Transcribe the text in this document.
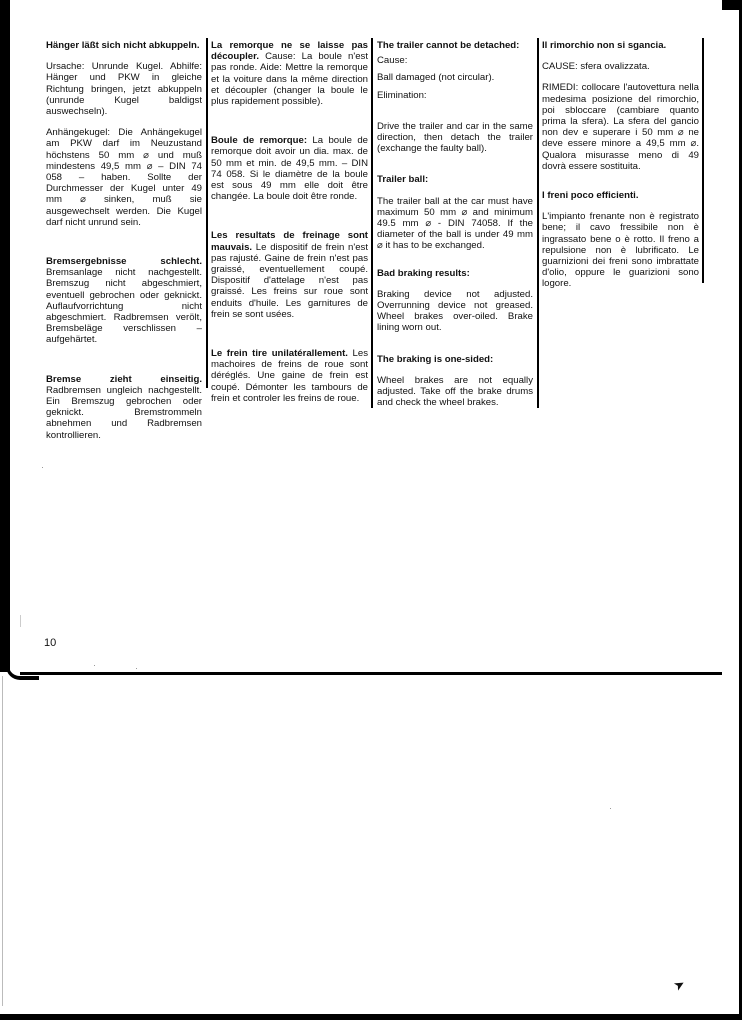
Hänger läßt sich nicht abkuppeln.

Ursache: Unrunde Kugel. Abhilfe: Hänger und PKW in gleiche Richtung bringen, jetzt abkuppeln (unrunde Kugel baldigst auswechseln).

Anhängekugel: Die Anhängekugel am PKW darf im Neuzustand höchstens 50 mm ⌀ und muß mindestens 49,5 mm ⌀ – DIN 74 058 – haben. Sollte der Durchmesser der Kugel unter 49 mm ⌀ sinken, muß sie ausgewechselt werden. Die Kugel darf nicht unrund sein.

Bremsergebnisse schlecht. Bremsanlage nicht nachgestellt. Bremszug nicht abgeschmiert, eventuell gebrochen oder geknickt. Auflaufvorrichtung nicht abgeschmiert. Radbremsen verölt, Bremsbeläge verschlissen – aufgehärtet.

Bremse zieht einseitig. Radbremsen ungleich nachgestellt. Ein Bremszug gebrochen oder geknickt. Bremstrommeln abnehmen und Radbremsen kontrollieren.

La remorque ne se laisse pas découpler. Cause: La boule n'est pas ronde. Aide: Mettre la remorque et la voiture dans la même direction et découpler (changer la boule le plus rapidement possible).

Boule de remorque: La boule de remorque doit avoir un dia. max. de 50 mm et min. de 49,5 mm. – DIN 74 058. Si le diamètre de la boule est sous 49 mm elle doit être changée. La boule doit être ronde.

Les resultats de freinage sont mauvais. Le dispositif de frein n'est pas rajusté. Gaine de frein n'est pas graissé, eventuellement coupé. Dispositif d'attelage n'est pas graissé. Les freins sur roue sont enduits d'huile. Les garnitures de frein se sont usées.

Le frein tire unilatérallement. Les machoires de freins de roue sont déréglés. Une gaine de frein est coupé. Démonter les tambours de frein et controler les freins de roue.

The trailer cannot be detached:

Cause:

Ball damaged (not circular).

Elimination:

Drive the trailer and car in the same direction, then detach the trailer (exchange the faulty ball).

Trailer ball:

The trailer ball at the car must have maximum 50 mm ⌀ and minimum 49.5 mm ⌀ - DIN 74058. If the diameter of the ball is under 49 mm ⌀ it has to be exchanged.

Bad braking results:

Braking device not adjusted. Overrunning device not greased. Wheel brakes over-oiled. Brake lining worn out.

The braking is one-sided:

Wheel brakes are not equally adjusted. Take off the brake drums and check the wheel brakes.

Il rimorchio non si sgancia.

CAUSE: sfera ovalizzata.

RIMEDI: collocare l'autovettura nella medesima posizione del rimorchio, poi sbloccare (cambiare quanto prima la sfera). La sfera del gancio non dev e superare i 50 mm ⌀ ne deve essere minore a 49,5 mm ⌀. Qualora misurasse meno di 49 dovrà essere sostituita.

I freni poco efficienti.

L'impianto frenante non è registrato bene; il cavo fressibile non è ingrassato bene o è rotto. Il freno a repulsione non è lubrificato. Le guarnizioni dei freni sono imbrattate d'olio, oppure le guarizioni sono logore.

10
➤
